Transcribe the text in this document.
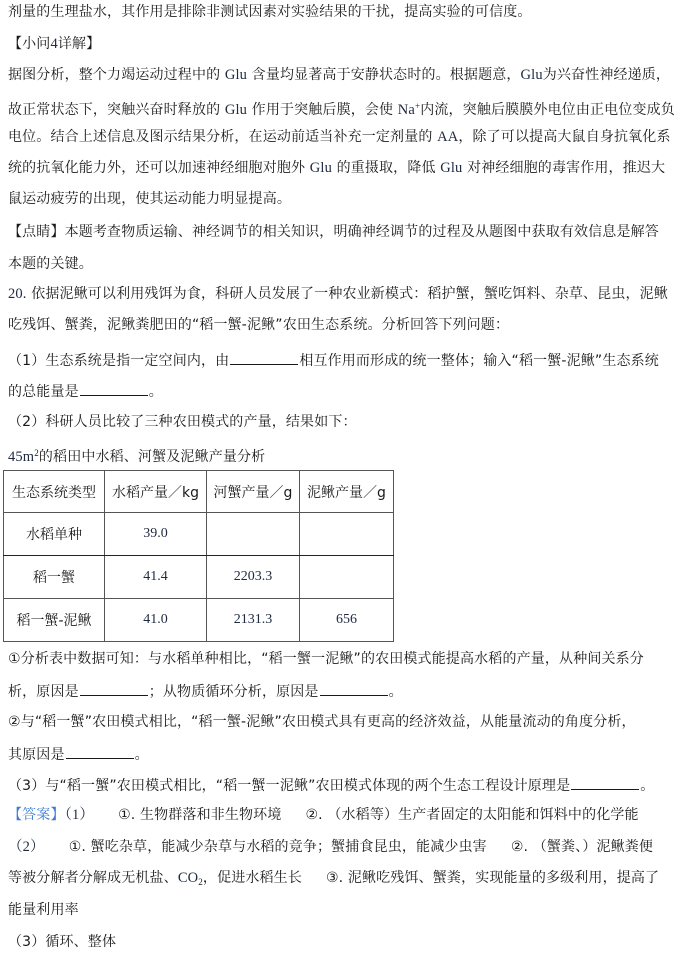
剂量的生理盐水，其作用是排除非测试因素对实验结果的干扰，提高实验的可信度。
【小问4详解】
据图分析，整个力竭运动过程中的 Glu 含量均显著高于安静状态时的。根据题意，Glu为兴奋性神经递质，
故正常状态下，突触兴奋时释放的 Glu 作用于突触后膜，会使 Na+内流，突触后膜膜外电位由正电位变成负
电位。结合上述信息及图示结果分析，在运动前适当补充一定剂量的 AA，除了可以提高大鼠自身抗氧化系
统的抗氧化能力外，还可以加速神经细胞对胞外 Glu 的重摄取，降低 Glu 对神经细胞的毒害作用，推迟大
鼠运动疲劳的出现，使其运动能力明显提高。
【点睛】本题考查物质运输、神经调节的相关知识，明确神经调节的过程及从题图中获取有效信息是解答
本题的关键。
20. 依据泥鳅可以利用残饵为食，科研人员发展了一种农业新模式：稻护蟹，蟹吃饵料、杂草、昆虫，泥鳅
吃残饵、蟹粪，泥鳅粪肥田的“稻一蟹-泥鳅”农田生态系统。分析回答下列问题：
（1）生态系统是指一定空间内，由	相互作用而形成的统一整体；输入“稻一蟹-泥鳅”生态系统
的总能量是	。
（2）科研人员比较了三种农田模式的产量，结果如下：
$45m^2$的稻田中水稻、河蟹及泥鳅产量分析
生态系统类型	水稻产量／kg	河蟹产量／g	泥鳅产量／g
水稻单种	39.0		
稻一蟹	41.4	2203.3	
稻一蟹-泥鳅	41.0	2131.3	656
①分析表中数据可知：与水稻单种相比，“稻一蟹一泥鳅”的农田模式能提高水稻的产量，从种间关系分
析，原因是	；从物质循环分析，原因是	。
②与“稻一蟹”农田模式相比，“稻一蟹-泥鳅”农田模式具有更高的经济效益，从能量流动的角度分析，
其原因是	。
（3）与“稻一蟹”农田模式相比，“稻一蟹一泥鳅”农田模式体现的两个生态工程设计原理是	。
【答案】（1） ①. 生物群落和非生物环境 ②. （水稻等）生产者固定的太阳能和饵料中的化学能
（2） ①. 蟹吃杂草，能减少杂草与水稻的竞争；蟹捕食昆虫，能减少虫害 ②. （蟹粪、）泥鳅粪便
等被分解者分解成无机盐、$CO_2$，促进水稻生长 ③. 泥鳅吃残饵、蟹粪，实现能量的多级利用，提高了
能量利用率
（3）循环、整体
